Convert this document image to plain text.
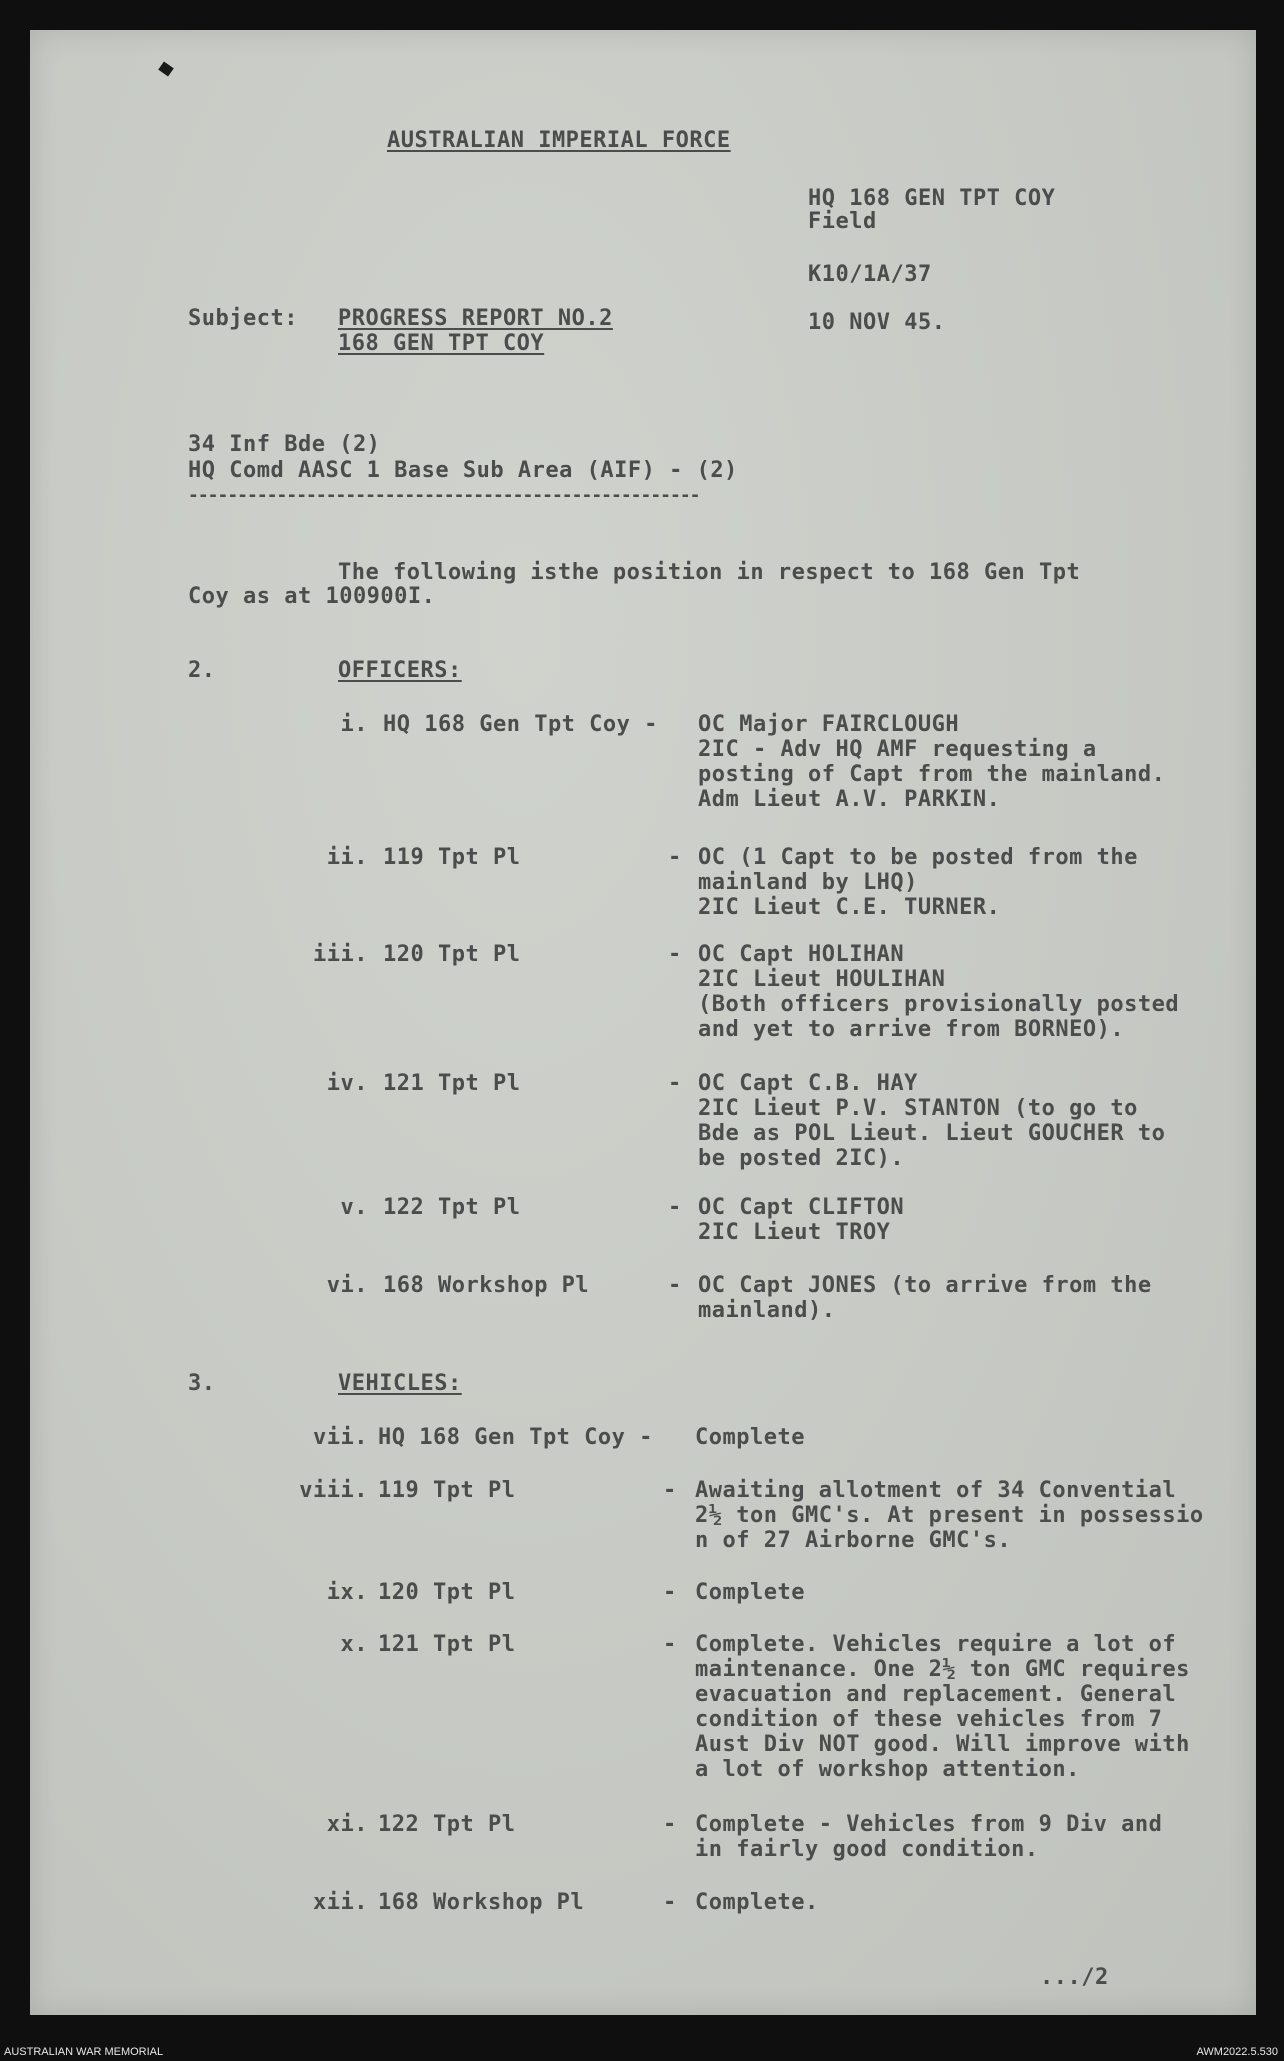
AUSTRALIAN IMPERIAL FORCE
HQ 168 GEN TPT COY
Field
K10/1A/37
10 NOV 45.
Subject: PROGRESS REPORT NO.2
168 GEN TPT COY
34 Inf Bde (2)
HQ Comd AASC 1 Base Sub Area (AIF) - (2)
----------------------------------------------------
The following isthe position in respect to 168 Gen Tpt
Coy as at 100900I.
2.	OFFICERS:
i. HQ 168 Gen Tpt Coy - OC Major FAIRCLOUGH
2IC - Adv HQ AMF requesting a
posting of Capt from the mainland.
Adm Lieut A.V. PARKIN.
ii. 119 Tpt Pl	- OC (1 Capt to be posted from the
mainland by LHQ)
2IC Lieut C.E. TURNER.
iii. 120 Tpt Pl	- OC Capt HOLIHAN
2IC Lieut HOULIHAN
(Both officers provisionally posted
and yet to arrive from BORNEO).
iv. 121 Tpt Pl	- OC Capt C.B. HAY
2IC Lieut P.V. STANTON (to go to
Bde as POL Lieut. Lieut GOUCHER to
be posted 2IC).
v. 122 Tpt Pl	- OC Capt CLIFTON
2IC Lieut TROY
vi. 168 Workshop Pl	- OC Capt JONES (to arrive from the
mainland).
3.	VEHICLES:
vii. HQ 168 Gen Tpt Coy - Complete
viii. 119 Tpt Pl	- Awaiting allotment of 34 Convential
2½ ton GMC's. At present in possessio
n of 27 Airborne GMC's.
ix. 120 Tpt Pl	- Complete
x. 121 Tpt Pl	- Complete. Vehicles require a lot of
maintenance. One 2½ ton GMC requires
evacuation and replacement. General
condition of these vehicles from 7
Aust Div NOT good. Will improve with
a lot of workshop attention.
xi. 122 Tpt Pl	- Complete - Vehicles from 9 Div and
in fairly good condition.
xii. 168 Workshop Pl	- Complete.
.../2
AUSTRALIAN WAR MEMORIAL	AWM2022.5.530
